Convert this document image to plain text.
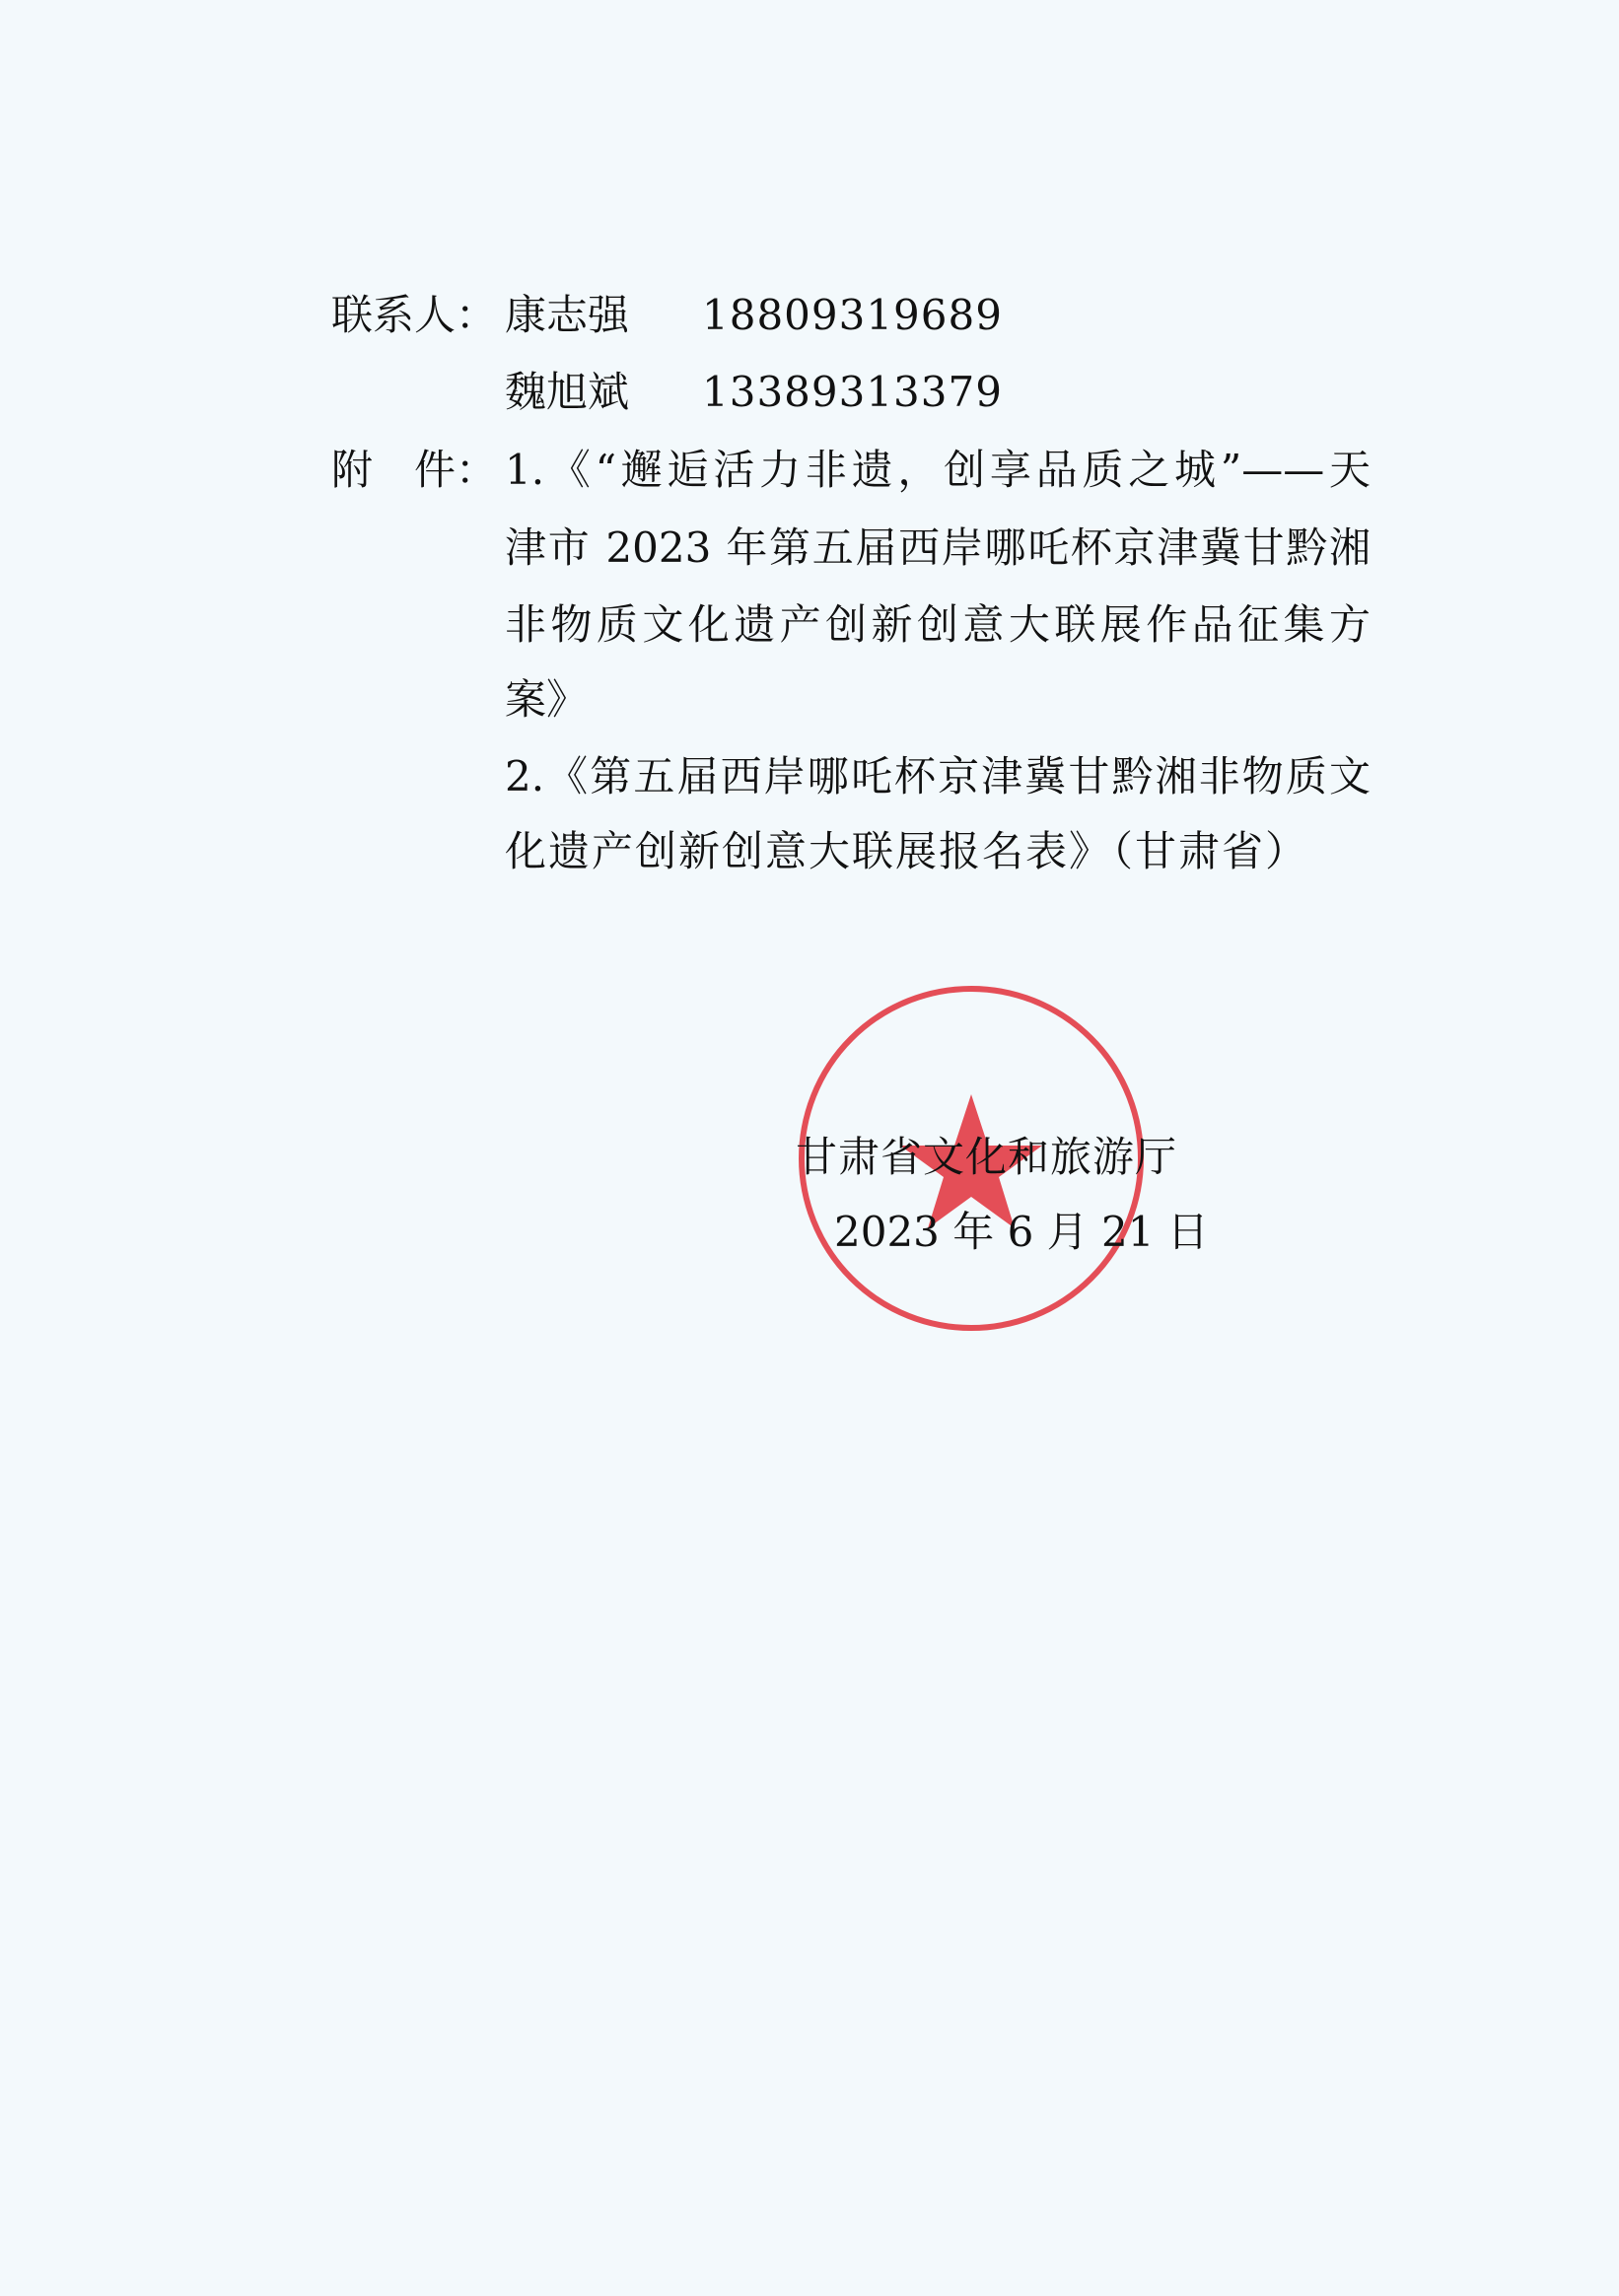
联系人： 康志强 18809319689
魏旭斌 13389313379
附　件： 1.《“邂逅活力非遗，创享品质之城”——天
津市 2023 年第五届西岸哪吒杯京津冀甘黔湘
非物质文化遗产创新创意大联展作品征集方
案》
2.《第五届西岸哪吒杯京津冀甘黔湘非物质文
化遗产创新创意大联展报名表》（甘肃省）
甘肃省文化和旅游厅
2023 年 6 月 21 日
